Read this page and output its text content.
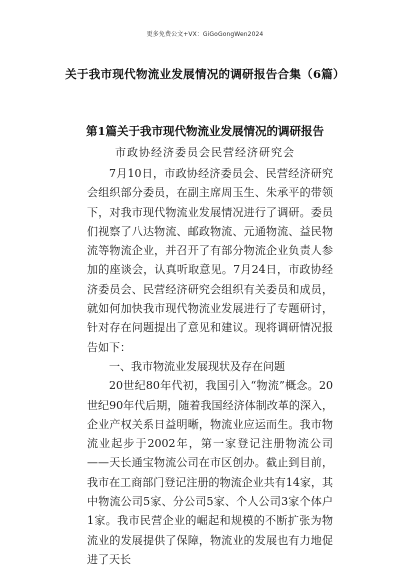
更多免费公文+VX：GiGoGongWen2024
关于我市现代物流业发展情况的调研报告合集（6篇）
第1篇关于我市现代物流业发展情况的调研报告
市政协经济委员会民营经济研究会

7月10日，市政协经济委员会、民营经济研究会组织部分委员，在副主席周玉生、朱承平的带领下，对我市现代物流业发展情况进行了调研。委员们视察了八达物流、邮政物流、元通物流、益民物流等物流企业，并召开了有部分物流企业负责人参加的座谈会，认真听取意见。7月24日，市政协经济委员会、民营经济研究会组织有关委员和成员，就如何加快我市现代物流业发展进行了专题研讨，针对存在问题提出了意见和建议。现将调研情况报告如下：

一、我市物流业发展现状及存在问题

20世纪80年代初，我国引入“物流”概念。20世纪90年代后期，随着我国经济体制改革的深入，企业产权关系日益明晰，物流业应运而生。我市物流业起步于2002年，第一家登记注册物流公司——天长通宝物流公司在市区创办。截止到目前，我市在工商部门登记注册的物流企业共有14家，其中物流公司5家、分公司5家、个人公司3家个体户1家。我市民营企业的崛起和规模的不断扩张为物流业的发展提供了保障，物流业的发展也有力地促进了天长
